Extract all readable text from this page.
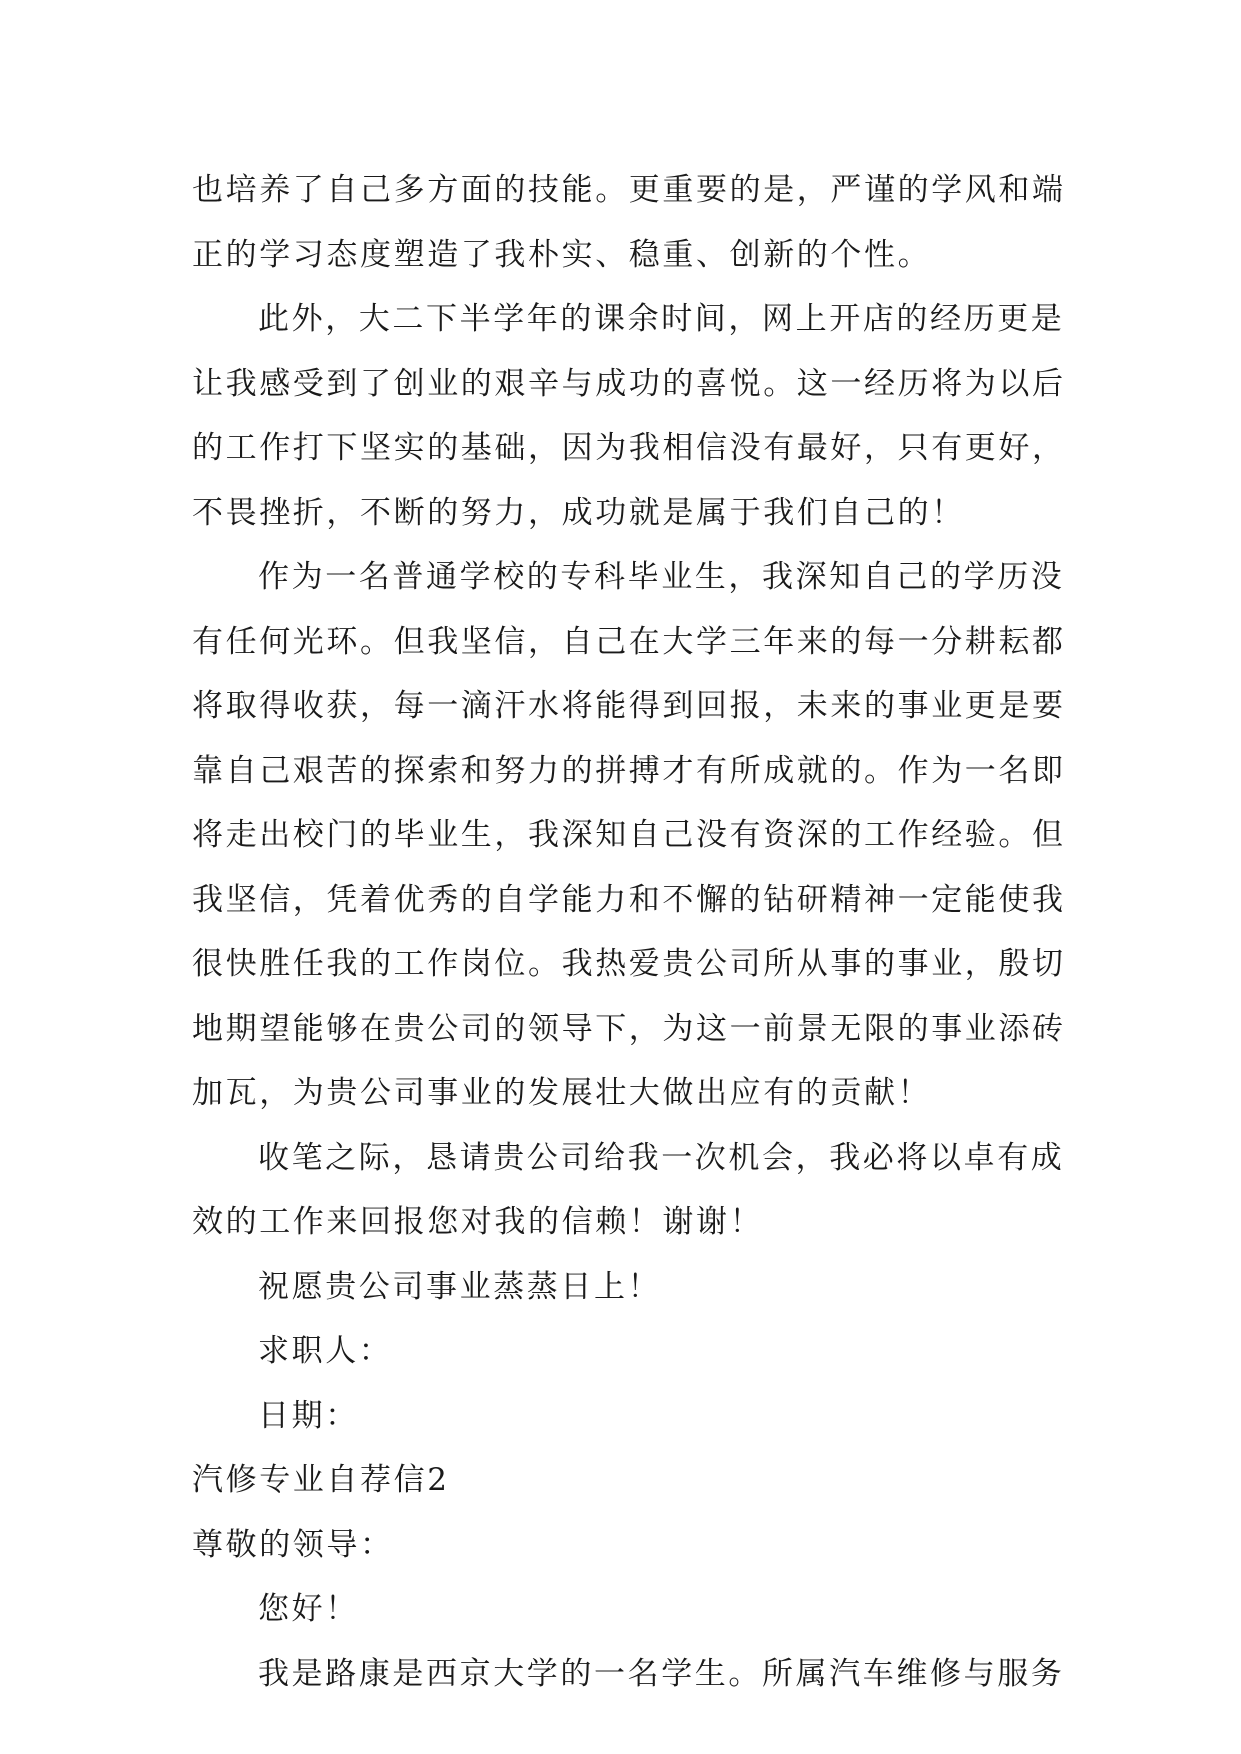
也培养了自己多方面的技能。更重要的是，严谨的学风和端
正的学习态度塑造了我朴实、稳重、创新的个性。
此外，大二下半学年的课余时间，网上开店的经历更是
让我感受到了创业的艰辛与成功的喜悦。这一经历将为以后
的工作打下坚实的基础，因为我相信没有最好，只有更好，
不畏挫折，不断的努力，成功就是属于我们自己的！
作为一名普通学校的专科毕业生，我深知自己的学历没
有任何光环。但我坚信，自己在大学三年来的每一分耕耘都
将取得收获，每一滴汗水将能得到回报，未来的事业更是要
靠自己艰苦的探索和努力的拼搏才有所成就的。作为一名即
将走出校门的毕业生，我深知自己没有资深的工作经验。但
我坚信，凭着优秀的自学能力和不懈的钻研精神一定能使我
很快胜任我的工作岗位。我热爱贵公司所从事的事业，殷切
地期望能够在贵公司的领导下，为这一前景无限的事业添砖
加瓦，为贵公司事业的发展壮大做出应有的贡献！
收笔之际，恳请贵公司给我一次机会，我必将以卓有成
效的工作来回报您对我的信赖！谢谢！
祝愿贵公司事业蒸蒸日上！
求职人：
日期：
汽修专业自荐信2
尊敬的领导：
您好！
我是路康是西京大学的一名学生。所属汽车维修与服务
